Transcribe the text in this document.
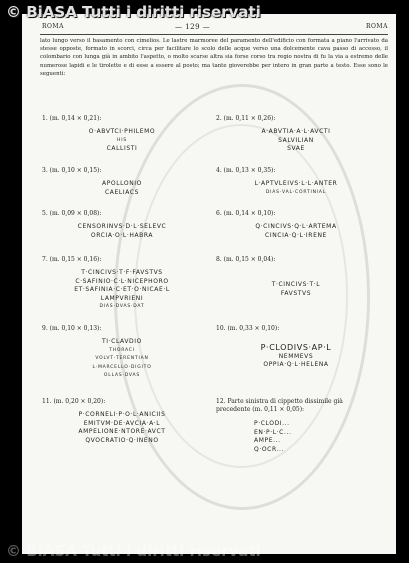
© BiASA Tutti i diritti riservati
© BiASA Tutti i diritti riservati
ROMA	— 129 —	ROMA
lato lungo verso il basamento con cimelios. Le lastre marmoree del paramento dell'edificio con formata a piano l'arrivato da stesse opposte, formato in scorci, circa per facilitare lo scolo delle acque verso una dolcemente cava passo di accesso, il colombario con lunga già in ambito l'aspetto, o molto scarse altra sia forse corso tra regio nostra di fu la via a estremo delle numerose lapidi e le tirolette e di esse a essere al posto; ma tante gioverebbe per intero in gran parte a testo. Esse sono le seguenti:
1. (m. 0,14 × 0,21):
O·ABVTCI·PHILEMO
HIS
CALLISTI
2. (m. 0,11 × 0,26):
A·ABVTIA·A·L·AVCTI
SALVILIAN
SVAE
3. (m. 0,10 × 0,15):
APOLLONIO
CAELIACS
4. (m. 0,13 × 0,35):
L·APTVLEIVS·L·L·ANTER
DIAS·VAL·CORTINIAL
5. (m. 0,09 × 0,08):
CENSORINVS·D·L·SELEVC
ORCIA·O·L·HABRA
6. (m. 0,14 × 0,10):
Q·CINCIVS·Q·L·ARTEMA
CINCIA·Q·L·IRENE
7. (m. 0,15 × 0,16):
T·CINCIVS·T·F·FAVSTVS
C·SAFINIO·C·L·NICEPHORO
ET·SAFINIA·C·ET·O·NICAE·L
LAMPVRIENI
DIAS·DVAS·DAT
8. (m. 0,15 × 0,04):
T·CINCIVS·T·L
FAVSTVS
9. (m. 0,10 × 0,13):
TI·CLAVDIO
THORACI
VOLVT·TERENTIAN
L·MARCELLO·DIGITO
OLLAS·DVAS
10. (m. 0,33 × 0,10):
P·CLODIVS·AP·L
NEMMEVS
OPPIA·Q·L·HELENA
11. (m. 0,20 × 0,20):
P·CORNELI·P·O·L·ANICIIS
EMITVM·DE·AVCIA·A·L
AMPELIONE·NTORE·AVCT
QVOCRATIO·Q·INENO
12. Parte sinistra di cippetto dissimile già precedente (m. 0,11 × 0,05):
P·CLODI...
EN·P·L·C...
AMPE...
Q·OCR...
